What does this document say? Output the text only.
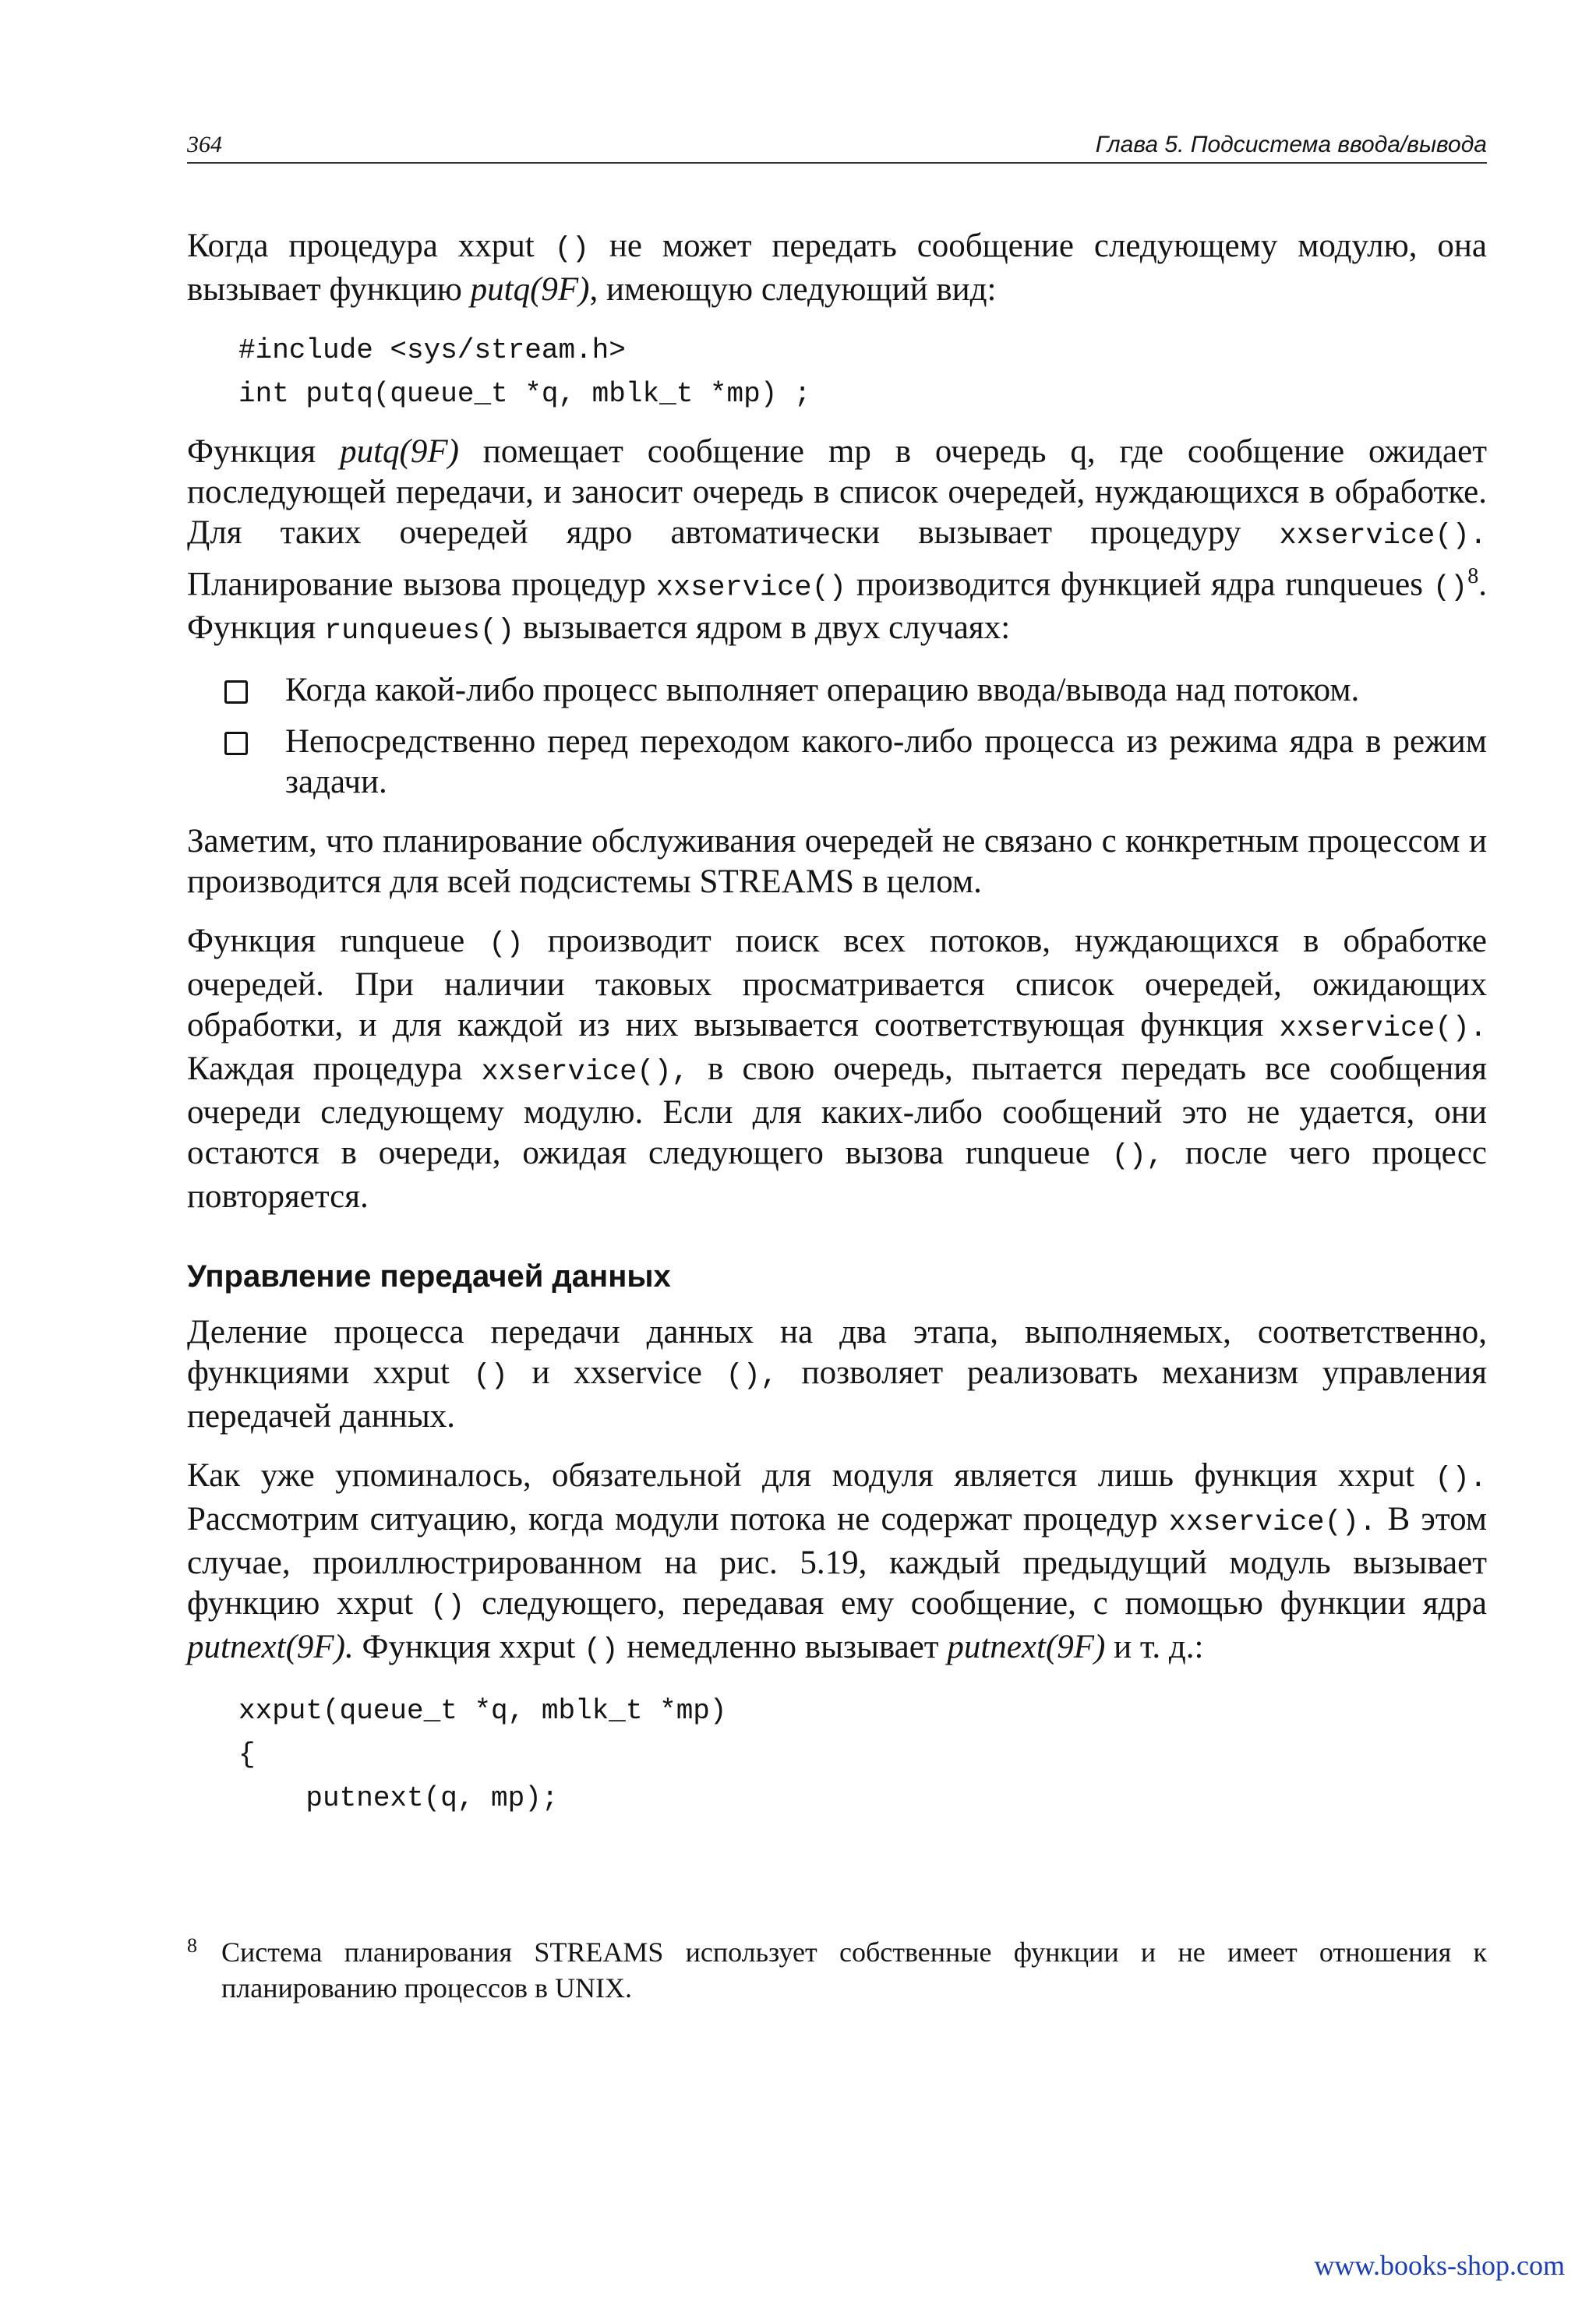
364	Глава 5. Подсистема ввода/вывода

Когда процедура xxput () не может передать сообщение следующему модулю, она вызывает функцию putq(9F), имеющую следующий вид:

#include <sys/stream.h>
int putq(queue_t *q, mblk_t *mp) ;

Функция putq(9F) помещает сообщение mp в очередь q, где сообщение ожидает последующей передачи, и заносит очередь в список очередей, нуждающихся в обработке. Для таких очередей ядро автоматически вызывает процедуру xxservice(). Планирование вызова процедур xxservice() производится функцией ядра runqueues ()$^8$. Функция runqueues() вызывается ядром в двух случаях:

Когда какой-либо процесс выполняет операцию ввода/вывода над потоком.
Непосредственно перед переходом какого-либо процесса из режима ядра в режим задачи.

Заметим, что планирование обслуживания очередей не связано с конкретным процессом и производится для всей подсистемы STREAMS в целом.

Функция runqueue () производит поиск всех потоков, нуждающихся в обработке очередей. При наличии таковых просматривается список очередей, ожидающих обработки, и для каждой из них вызывается соответствующая функция xxservice(). Каждая процедура xxservice(), в свою очередь, пытается передать все сообщения очереди следующему модулю. Если для каких-либо сообщений это не удается, они остаются в очереди, ожидая следующего вызова runqueue (), после чего процесс повторяется.

Управление передачей данных

Деление процесса передачи данных на два этапа, выполняемых, соответственно, функциями xxput () и xxservice (), позволяет реализовать механизм управления передачей данных.

Как уже упоминалось, обязательной для модуля является лишь функция xxput (). Рассмотрим ситуацию, когда модули потока не содержат процедур xxservice(). В этом случае, проиллюстрированном на рис. 5.19, каждый предыдущий модуль вызывает функцию xxput () следующего, передавая ему сообщение, с помощью функции ядра putnext(9F). Функция xxput () немедленно вызывает putnext(9F) и т. д.:

xxput(queue_t *q, mblk_t *mp)
{
putnext(q, mp);
8 Система планирования STREAMS использует собственные функции и не имеет отношения к планированию процессов в UNIX.
www.books-shop.com
